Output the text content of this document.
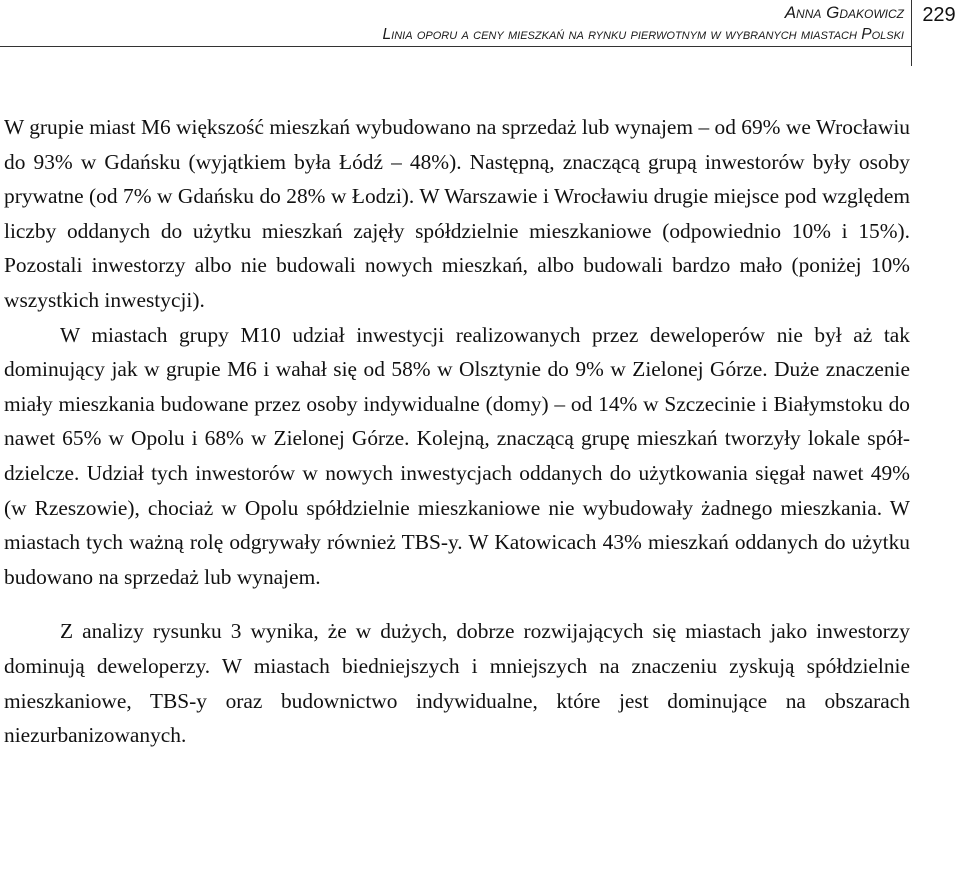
Anna Gdakowicz
Linia oporu a ceny mieszkań na rynku pierwotnym w wybranych miastach Polski
229

W grupie miast M6 większość mieszkań wybudowano na sprzedaż lub wynajem – od 69% we Wrocławiu do 93% w Gdańsku (wyjątkiem była Łódź – 48%). Następną, znaczącą grupą inwestorów były osoby prywatne (od 7% w Gdańsku do 28% w Łodzi). W Warszawie i Wrocławiu drugie miejsce pod względem liczby oddanych do użytku mieszkań zajęły spółdzielnie mieszkaniowe (odpowiednio 10% i 15%). Pozostali inwestorzy albo nie budowali nowych mieszkań, albo budowali bardzo mało (poniżej 10% wszystkich inwestycji).

W miastach grupy M10 udział inwestycji realizowanych przez deweloperów nie był aż tak dominujący jak w grupie M6 i wahał się od 58% w Olsztynie do 9% w Zielonej Górze. Duże znaczenie miały mieszkania budowane przez osoby indywidualne (domy) – od 14% w Szczecinie i Białymstoku do nawet 65% w Opolu i 68% w Zielonej Górze. Kolejną, znaczącą grupę mieszkań tworzyły lokale spółdzielcze. Udział tych inwestorów w nowych inwestycjach oddanych do użytkowania sięgał nawet 49% (w Rzeszowie), chociaż w Opolu spółdzielnie mieszkaniowe nie wybudowały żadnego mieszkania. W miastach tych ważną rolę odgrywały również TBS-y. W Katowicach 43% mieszkań oddanych do użytku budowano na sprzedaż lub wynajem.

Z analizy rysunku 3 wynika, że w dużych, dobrze rozwijających się miastach jako inwestorzy dominują deweloperzy. W miastach biedniejszych i mniejszych na znaczeniu zyskują spółdzielnie mieszkaniowe, TBS-y oraz budownictwo indywidualne, które jest dominujące na obszarach niezurbanizowanych.
